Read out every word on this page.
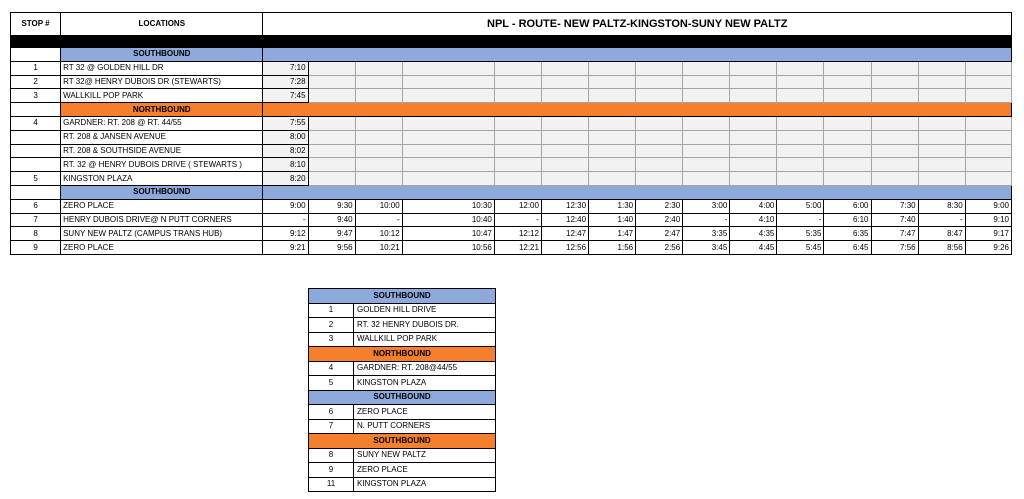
STOP #	LOCATIONS	NPL - ROUTE- NEW PALTZ-KINGSTON-SUNY NEW PALTZ														

	SOUTHBOUND															
1	RT 32 @ GOLDEN HILL DR	7:10														
2	RT 32@ HENRY DUBOIS DR (STEWARTS)	7:28														
3	WALLKILL POP PARK	7:45														
	NORTHBOUND															
4	GARDNER: RT. 208 @ RT. 44/55	7:55														
	RT. 208 & JANSEN AVENUE	8:00														
	RT. 208 & SOUTHSIDE AVENUE	8:02														
	RT. 32 @ HENRY DUBOIS DRIVE ( STEWARTS )	8:10														
5	KINGSTON PLAZA	8:20														
	SOUTHBOUND															
6	ZERO PLACE	9:00	9:30	10:00	10:30	12:00	12:30	1:30	2:30	3:00	4:00	5:00	6:00	7:30	8:30	9:00
7	HENRY DUBOIS DRIVE@ N PUTT CORNERS	-	9:40	-	10:40	-	12:40	1:40	2:40	-	4:10	-	6:10	7:40	-	9:10
8	SUNY NEW PALTZ (CAMPUS TRANS HUB)	9:12	9:47	10:12	10:47	12:12	12:47	1:47	2:47	3:35	4:35	5:35	6:35	7:47	8:47	9:17
9	ZERO PLACE	9:21	9:56	10:21	10:56	12:21	12:56	1:56	2:56	3:45	4:45	5:45	6:45	7:56	8:56	9:26
SOUTHBOUND	
1	GOLDEN HILL DRIVE
2	RT. 32 HENRY DUBOIS DR.
3	WALLKILL POP PARK
NORTHBOUND	
4	GARDNER: RT. 208@44/55
5	KINGSTON PLAZA
SOUTHBOUND	
6	ZERO PLACE
7	N. PUTT CORNERS
SOUTHBOUND	
8	SUNY NEW PALTZ
9	ZERO PLACE
11	KINGSTON PLAZA
